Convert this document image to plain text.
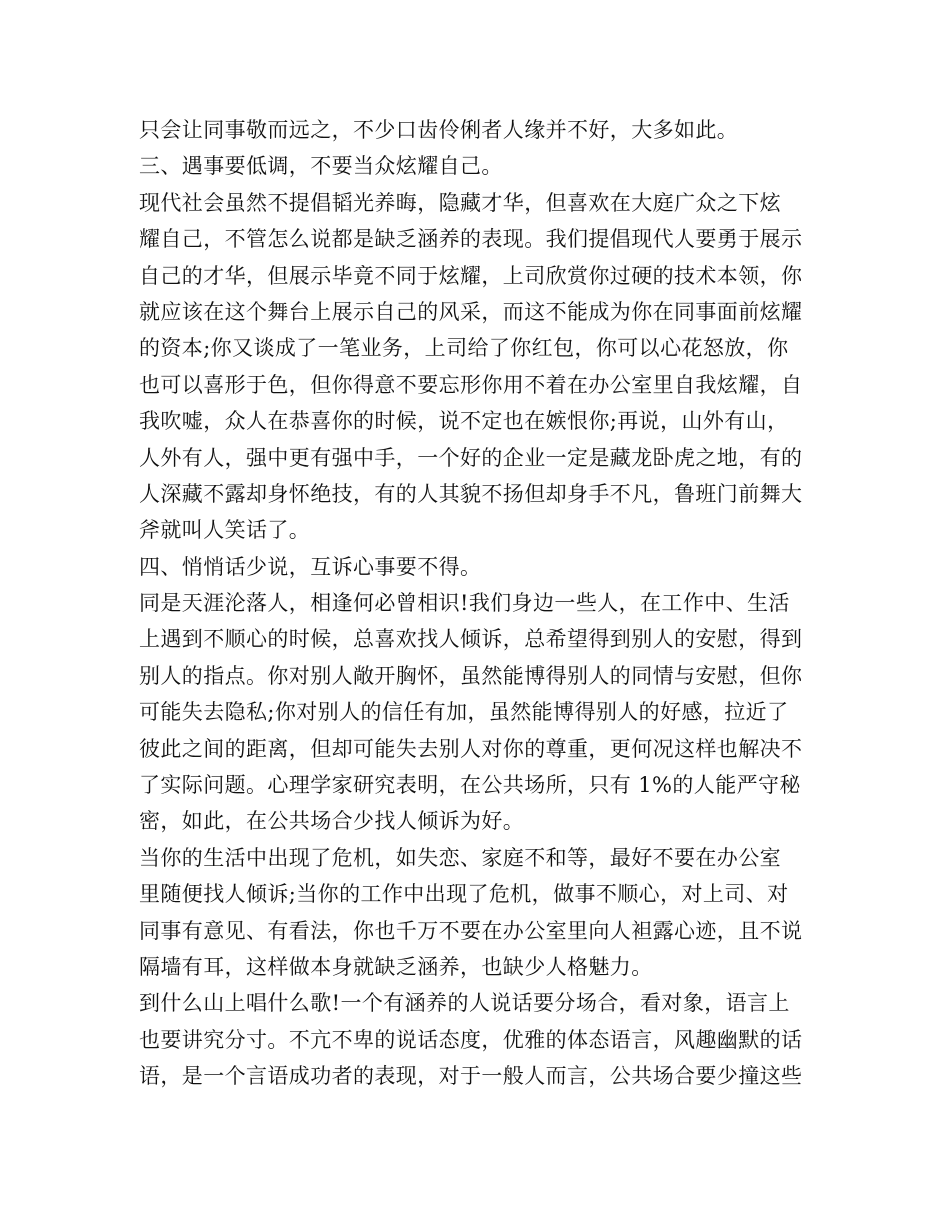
只会让同事敬而远之，不少口齿伶俐者人缘并不好，大多如此。
三、遇事要低调，不要当众炫耀自己。
现代社会虽然不提倡韬光养晦，隐藏才华，但喜欢在大庭广众之下炫
耀自己，不管怎么说都是缺乏涵养的表现。我们提倡现代人要勇于展示
自己的才华，但展示毕竟不同于炫耀，上司欣赏你过硬的技术本领，你
就应该在这个舞台上展示自己的风采，而这不能成为你在同事面前炫耀
的资本;你又谈成了一笔业务，上司给了你红包，你可以心花怒放，你
也可以喜形于色，但你得意不要忘形你用不着在办公室里自我炫耀，自
我吹嘘，众人在恭喜你的时候，说不定也在嫉恨你;再说，山外有山，
人外有人，强中更有强中手，一个好的企业一定是藏龙卧虎之地，有的
人深藏不露却身怀绝技，有的人其貌不扬但却身手不凡，鲁班门前舞大
斧就叫人笑话了。
四、悄悄话少说，互诉心事要不得。
同是天涯沦落人，相逢何必曾相识!我们身边一些人，在工作中、生活
上遇到不顺心的时候，总喜欢找人倾诉，总希望得到别人的安慰，得到
别人的指点。你对别人敞开胸怀，虽然能博得别人的同情与安慰，但你
可能失去隐私;你对别人的信任有加，虽然能博得别人的好感，拉近了
彼此之间的距离，但却可能失去别人对你的尊重，更何况这样也解决不
了实际问题。心理学家研究表明，在公共场所，只有 1%的人能严守秘
密，如此，在公共场合少找人倾诉为好。
当你的生活中出现了危机，如失恋、家庭不和等，最好不要在办公室
里随便找人倾诉;当你的工作中出现了危机，做事不顺心，对上司、对
同事有意见、有看法，你也千万不要在办公室里向人袒露心迹，且不说
隔墙有耳，这样做本身就缺乏涵养，也缺少人格魅力。
到什么山上唱什么歌!一个有涵养的人说话要分场合，看对象，语言上
也要讲究分寸。不亢不卑的说话态度，优雅的体态语言，风趣幽默的话
语，是一个言语成功者的表现，对于一般人而言，公共场合要少撞这些
